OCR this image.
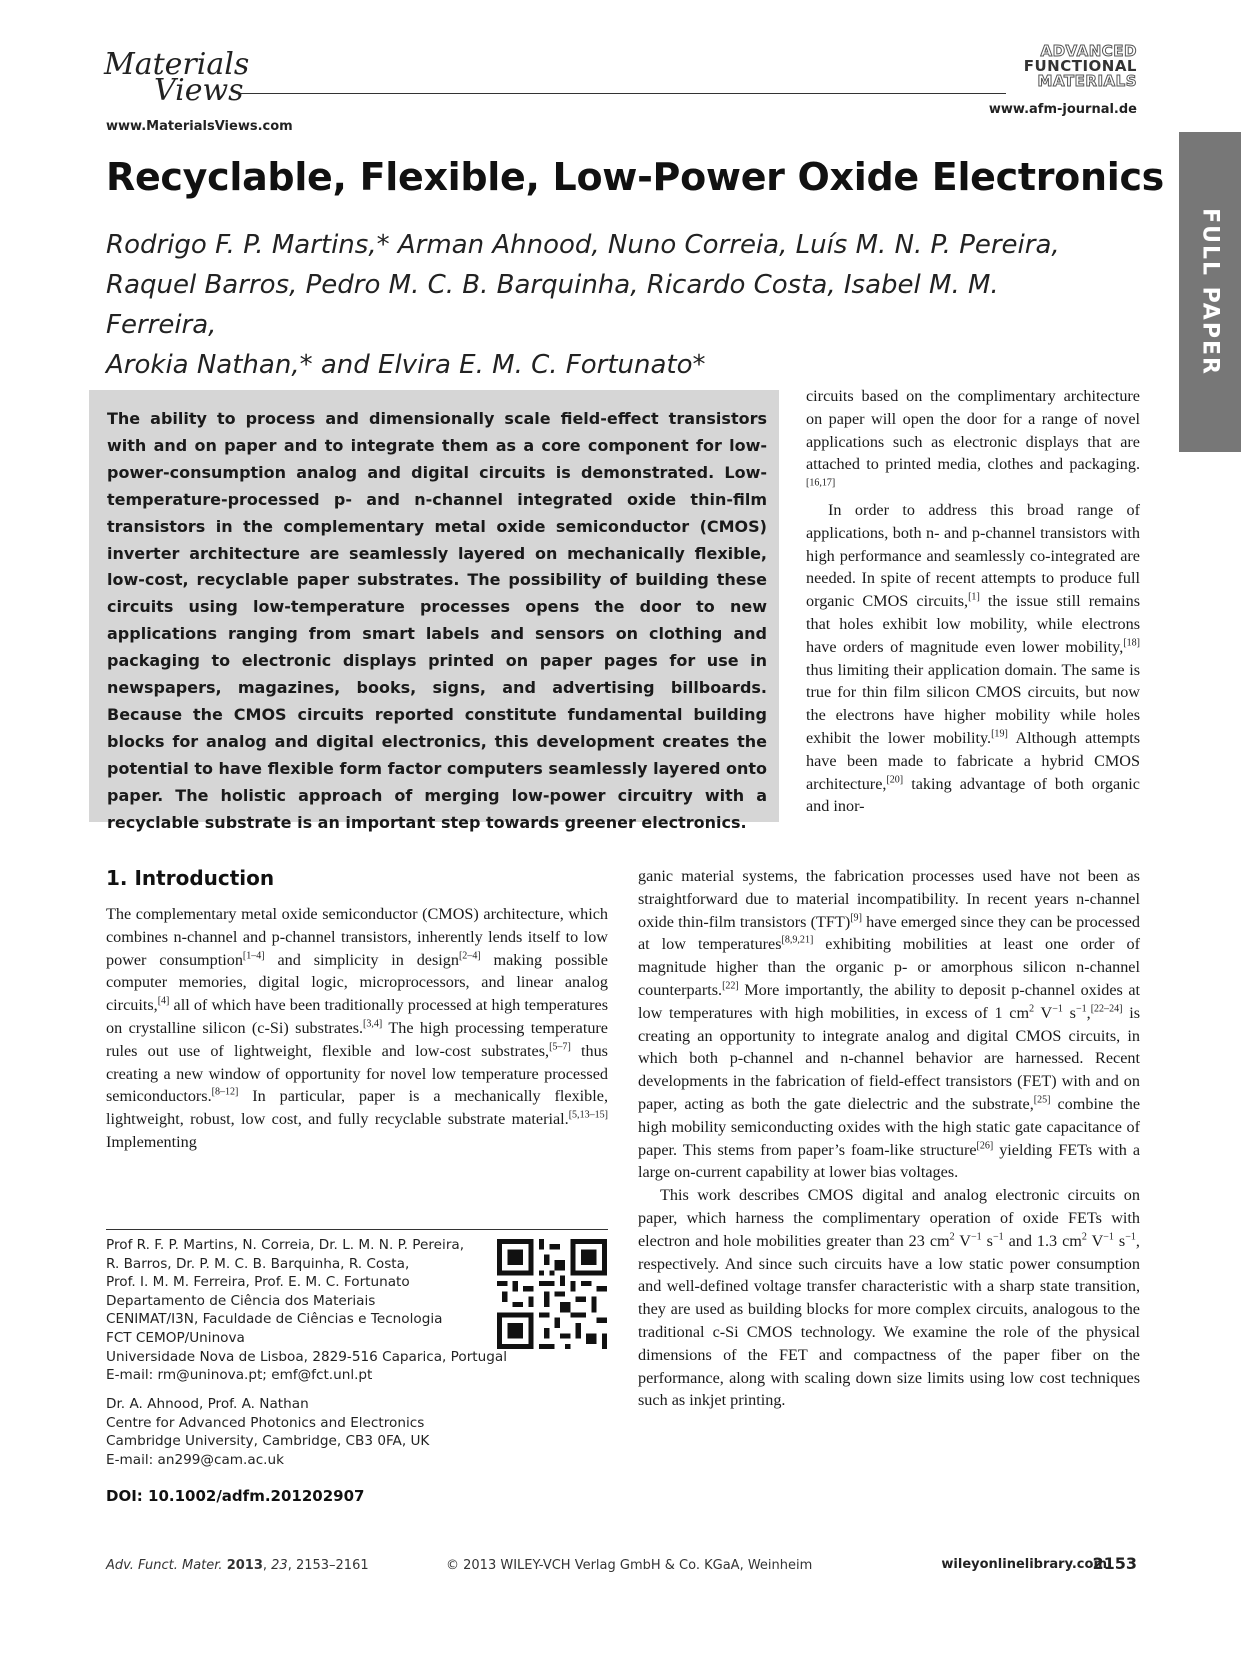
Materials
Views
www.MaterialsViews.com
ADVANCED
FUNCTIONAL
MATERIALS
www.afm-journal.de
FULL PAPER
Recyclable, Flexible, Low-Power Oxide Electronics
Rodrigo F. P. Martins,* Arman Ahnood, Nuno Correia, Luís M. N. P. Pereira,
Raquel Barros, Pedro M. C. B. Barquinha, Ricardo Costa, Isabel M. M. Ferreira,
Arokia Nathan,* and Elvira E. M. C. Fortunato*
The ability to process and dimensionally scale field-effect transistors with and on paper and to integrate them as a core component for low-power-consumption analog and digital circuits is demonstrated. Low-temperature-processed p- and n-channel integrated oxide thin-film transistors in the complementary metal oxide semiconductor (CMOS) inverter architecture are seamlessly layered on mechanically flexible, low-cost, recyclable paper substrates. The possibility of building these circuits using low-temperature processes opens the door to new applications ranging from smart labels and sensors on clothing and packaging to electronic displays printed on paper pages for use in newspapers, magazines, books, signs, and advertising billboards. Because the CMOS circuits reported constitute fundamental building blocks for analog and digital electronics, this development creates the potential to have flexible form factor computers seamlessly layered onto paper. The holistic approach of merging low-power circuitry with a recyclable substrate is an important step towards greener electronics.
circuits based on the complimentary architecture on paper will open the door for a range of novel applications such as electronic displays that are attached to printed media, clothes and packaging.[16,17]
In order to address this broad range of applications, both n- and p-channel transistors with high performance and seamlessly co-integrated are needed. In spite of recent attempts to produce full organic CMOS circuits,[1] the issue still remains that holes exhibit low mobility, while electrons have orders of magnitude even lower mobility,[18] thus limiting their application domain. The same is true for thin film silicon CMOS circuits, but now the electrons have higher mobility while holes exhibit the lower mobility.[19] Although attempts have been made to fabricate a hybrid CMOS architecture,[20] taking advantage of both organic and inor-
ganic material systems, the fabrication processes used have not been as straightforward due to material incompatibility. In recent years n-channel oxide thin-film transistors (TFT)[9] have emerged since they can be processed at low temperatures[8,9,21] exhibiting mobilities at least one order of magnitude higher than the organic p- or amorphous silicon n-channel counterparts.[22] More importantly, the ability to deposit p-channel oxides at low temperatures with high mobilities, in excess of 1 $cm^2$ $V^{-1}$ $s^{-1},[22-24]$ is creating an opportunity to integrate analog and digital CMOS circuits, in which both p-channel and n-channel behavior are harnessed. Recent developments in the fabrication of field-effect transistors (FET) with and on paper, acting as both the gate dielectric and the substrate,[25] combine the high mobility semiconducting oxides with the high static gate capacitance of paper. This stems from paper’s foam-like structure[26] yielding FETs with a large on-current capability at lower bias voltages.
This work describes CMOS digital and analog electronic circuits on paper, which harness the complimentary operation of oxide FETs with electron and hole mobilities greater than 23 $cm^2$ $V^{-1}$ $s^{-1}$ and 1.3 $cm^2$ $V^{-1}$ $s^{-1}$, respectively. And since such circuits have a low static power consumption and well-defined voltage transfer characteristic with a sharp state transition, they are used as building blocks for more complex circuits, analogous to the traditional c-Si CMOS technology. We examine the role of the physical dimensions of the FET and compactness of the paper fiber on the performance, along with scaling down size limits using low cost techniques such as inkjet printing.
1. Introduction
The complementary metal oxide semiconductor (CMOS) architecture, which combines n-channel and p-channel transistors, inherently lends itself to low power consumption[1–4] and simplicity in design[2–4] making possible computer memories, digital logic, microprocessors, and linear analog circuits,[4] all of which have been traditionally processed at high temperatures on crystalline silicon (c-Si) substrates.[3,4] The high processing temperature rules out use of lightweight, flexible and low-cost substrates,[5–7] thus creating a new window of opportunity for novel low temperature processed semiconductors.[8–12] In particular, paper is a mechanically flexible, lightweight, robust, low cost, and fully recyclable substrate material.[5,13–15] Implementing
Prof R. F. P. Martins, N. Correia, Dr. L. M. N. P. Pereira,
R. Barros, Dr. P. M. C. B. Barquinha, R. Costa,
Prof. I. M. M. Ferreira, Prof. E. M. C. Fortunato
Departamento de Ciência dos Materiais
CENIMAT/I3N, Faculdade de Ciências e Tecnologia
FCT CEMOP/Uninova
Universidade Nova de Lisboa, 2829-516 Caparica, Portugal
E-mail: rm@uninova.pt; emf@fct.unl.pt
Dr. A. Ahnood, Prof. A. Nathan
Centre for Advanced Photonics and Electronics
Cambridge University, Cambridge, CB3 0FA, UK
E-mail: an299@cam.ac.uk
DOI: 10.1002/adfm.201202907
Adv. Funct. Mater. 2013, 23, 2153–2161	© 2013 WILEY-VCH Verlag GmbH & Co. KGaA, Weinheim	wileyonlinelibrary.com
2153
